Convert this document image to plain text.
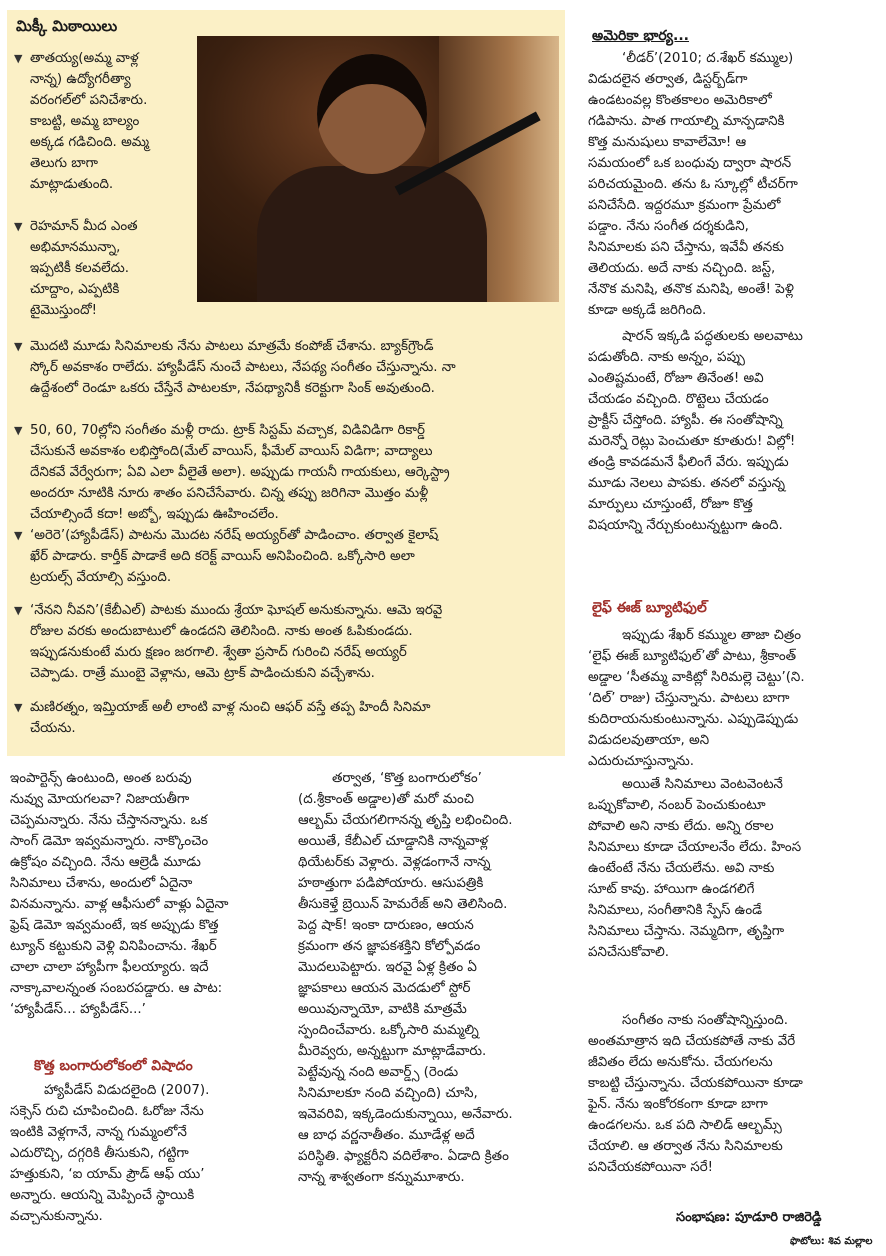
మిక్కీ మిఠాయిలు
▼ తాతయ్య(అమ్మ వాళ్ల
నాన్న) ఉద్యోగరీత్యా
వరంగల్‌లో పనిచేశారు.
కాబట్టి, అమ్మ బాల్యం
అక్కడ గడిచింది. అమ్మ
తెలుగు బాగా
మాట్లాడుతుంది.
▼ రెహమాన్ మీద ఎంత
అభిమానమున్నా,
ఇప్పటికీ కలవలేదు.
చూద్దాం, ఎప్పటికి
టైమొస్తుందో!
▼ మొదటి మూడు సినిమాలకు నేను పాటలు మాత్రమే కంపోజ్ చేశాను. బ్యాక్‌గ్రౌండ్
స్కోర్ అవకాశం రాలేదు. హ్యాపీడేస్ నుంచే పాటలు, నేపథ్య సంగీతం చేస్తున్నాను. నా
ఉద్దేశంలో రెండూ ఒకరు చేస్తేనే పాటలకూ, నేపథ్యానికీ కరెక్టుగా సింక్ అవుతుంది.
▼ 50, 60, 70ల్లోని సంగీతం మళ్లీ రాదు. ట్రాక్ సిస్టమ్ వచ్చాక, విడివిడిగా రికార్డ్
చేసుకునే అవకాశం లభిస్తోంది(మేల్ వాయిస్, ఫీమేల్ వాయిస్ విడిగా; వాద్యాలు
దేనికవే వేర్వేరుగా; ఏవి ఎలా వీలైతే అలా). అప్పుడు గాయనీ గాయకులు, ఆర్కెస్ట్రా
అందరూ నూటికి నూరు శాతం పనిచేసేవారు. చిన్న తప్పు జరిగినా మొత్తం మళ్లీ
చేయాల్సిందే కదా! అబ్బో, ఇప్పుడు ఊహించలేం.
▼ ‘అరెరె’(హ్యాపీడేస్) పాటను మొదట నరేష్ అయ్యర్‌తో పాడించాం. తర్వాత కైలాష్
ఖేర్ పాడారు. కార్తీక్ పాడాకే అది కరెక్ట్ వాయిస్ అనిపించింది. ఒక్కోసారి అలా
ట్రయల్స్ వేయాల్సి వస్తుంది.
▼ ‘నేనని నీవని’(కేబీఎల్) పాటకు ముందు శ్రేయా ఘోషల్ అనుకున్నాను. ఆమె ఇరవై
రోజుల వరకు అందుబాటులో ఉండదని తెలిసింది. నాకు అంత ఓపికుండదు.
ఇప్పుడనుకుంటే మరు క్షణం జరగాలి. శ్వేతా ప్రసాద్ గురించి నరేష్ అయ్యర్
చెప్పాడు. రాత్రే ముంబై వెళ్లాను, ఆమె ట్రాక్ పాడించుకుని వచ్చేశాను.
▼ మణిరత్నం, ఇమ్తియాజ్ అలీ లాంటి వాళ్ల నుంచి ఆఫర్ వస్తే తప్ప హిందీ సినిమా
చేయను.
అమెరికా భార్య...
‘లీడర్’(2010; ద.శేఖర్ కమ్ముల)
విడుదలైన తర్వాత, డిస్టర్బ్‌డ్‌గా
ఉండటంవల్ల కొంతకాలం అమెరికాలో
గడిపాను. పాత గాయాల్ని మాన్పడానికి
కొత్త మనుషులు కావాలేమో! ఆ
సమయంలో ఒక బంధువు ద్వారా షారన్
పరిచయమైంది. తను ఓ స్కూల్లో టీచర్‌గా
పనిచేసేది. ఇద్దరమూ క్రమంగా ప్రేమలో
పడ్డాం. నేను సంగీత దర్శకుడిని,
సినిమాలకు పని చేస్తాను, ఇవేవీ తనకు
తెలియదు. అదే నాకు నచ్చింది. జస్ట్,
నేనొక మనిషి, తనొక మనిషి, అంతే! పెళ్లి
కూడా అక్కడే జరిగింది.
షారన్ ఇక్కడి పద్ధతులకు అలవాటు
పడుతోంది. నాకు అన్నం, పప్పు
ఎంతిష్టమంటే, రోజూ తినేంత! అవి
చేయడం వచ్చింది. రొట్టెలు చేయడం
ప్రాక్టీస్ చేస్తోంది. హ్యాపీ. ఈ సంతోషాన్ని
మరెన్నో రెట్లు పెంచుతూ కూతురు! విల్లో!
తండ్రి కావడమనే ఫీలింగే వేరు. ఇప్పుడు
మూడు నెలలు పాపకు. తనలో వస్తున్న
మార్పులు చూస్తుంటే, రోజూ కొత్త
విషయాన్ని నేర్చుకుంటున్నట్టుగా ఉంది.
లైఫ్ ఈజ్ బ్యూటిఫుల్
ఇప్పుడు శేఖర్ కమ్ముల తాజా చిత్రం
‘లైఫ్ ఈజ్ బ్యూటిఫుల్’తో పాటు, శ్రీకాంత్
అడ్డాల ‘సీతమ్మ వాకిట్లో సిరిమల్లె చెట్టు’(ని.
‘దిల్’ రాజు) చేస్తున్నాను. పాటలు బాగా
కుదిరాయనుకుంటున్నాను. ఎప్పుడెప్పుడు
విడుదలవుతాయా, అని
ఎదురుచూస్తున్నాను.
అయితే సినిమాలు వెంటవెంటనే
ఒప్పుకోవాలి, నంబర్ పెంచుకుంటూ
పోవాలి అని నాకు లేదు. అన్ని రకాల
సినిమాలు కూడా చేయాలనేం లేదు. హింస
ఉంటేంటే నేను చేయలేను. అవి నాకు
సూట్ కావు. హాయిగా ఉండగలిగే
సినిమాలు, సంగీతానికి స్పేస్ ఉండే
సినిమాలు చేస్తాను. నెమ్మదిగా, తృప్తిగా
పనిచేసుకోవాలి.
సంగీతం నాకు సంతోషాన్నిస్తుంది.
అంతమాత్రాన ఇది చేయకపోతే నాకు వేరే
జీవితం లేదు అనుకోను. చేయగలను
కాబట్టి చేస్తున్నాను. చేయకపోయినా కూడా
ఫైన్. నేను ఇంకోరకంగా కూడా బాగా
ఉండగలను. ఒక పది సాలిడ్ ఆల్బమ్స్
చేయాలి. ఆ తర్వాత నేను సినిమాలకు
పనిచేయకపోయినా సరే!
సంభాషణ: పూడూరి రాజిరెడ్డి
ఫొటోలు: శివ మల్లాల
ఇంపార్టెన్స్ ఉంటుంది, అంత బరువు
నువ్వు మోయగలవా? నిజాయతీగా
చెప్పమన్నారు. నేను చేస్తానన్నాను. ఒక
సాంగ్ డెమో ఇవ్వమన్నారు. నాక్కొంచెం
ఉక్రోషం వచ్చింది. నేను ఆల్రెడీ మూడు
సినిమాలు చేశాను, అందులో ఏదైనా
వినమన్నాను. వాళ్ల ఆఫీసులో వాళ్లు ఏదైనా
ఫ్రెష్ డెమో ఇవ్వమంటే, ఇక అప్పుడు కొత్త
ట్యూన్ కట్టుకుని వెళ్లి వినిపించాను. శేఖర్
చాలా చాలా హ్యాపీగా ఫీలయ్యారు. ఇదే
నాక్కావాలన్నంత సంబరపడ్డారు. ఆ పాట:
‘హ్యాపీడేస్... హ్యాపీడేస్...’
కొత్త బంగారులోకంలో విషాదం
హ్యాపీడేస్ విడుదలైంది (2007).
సక్సెస్ రుచి చూపించింది. ఓరోజు నేను
ఇంటికి వెళ్లగానే, నాన్న గుమ్మంలోనే
ఎదురొచ్చి, దగ్గరికి తీసుకుని, గట్టిగా
హత్తుకుని, ‘ఐ యామ్ ప్రౌడ్ ఆఫ్ యు’
అన్నారు. ఆయన్ని మెప్పించే స్థాయికి
వచ్చానుకున్నాను.
తర్వాత, ‘కొత్త బంగారులోకం’
(ద.శ్రీకాంత్ అడ్డాల)తో మరో మంచి
ఆల్బమ్ చేయగలిగానన్న తృప్తి లభించింది.
అయితే, కేబీఎల్ చూడ్డానికి నాన్నవాళ్ల
థియేటర్‌కు వెళ్లారు. వెళ్లడంగానే నాన్న
హఠాత్తుగా పడిపోయారు. ఆసుపత్రికి
తీసుకెళ్తే బ్రెయిన్ హెమరేజ్ అని తెలిసింది.
పెద్ద షాక్! ఇంకా దారుణం, ఆయన
క్రమంగా తన జ్ఞాపకశక్తిని కోల్పోవడం
మొదలుపెట్టారు. ఇరవై ఏళ్ల క్రితం ఏ
జ్ఞాపకాలు ఆయన మెదడులో స్టోర్
అయివున్నాయో, వాటికి మాత్రమే
స్పందించేవారు. ఒక్కోసారి మమ్మల్ని
మీరెవ్వరు, అన్నట్టుగా మాట్లాడేవారు.
పెట్టేవున్న నంది అవార్డ్స్ (రెండు
సినిమాలకూ నంది వచ్చింది) చూసి,
ఇవెవరివి, ఇక్కడెందుకున్నాయి, అనేవారు.
ఆ బాధ వర్ణనాతీతం. మూడేళ్ల అదే
పరిస్థితి. ఫ్యాక్టరీని వదిలేశాం. ఏడాది క్రితం
నాన్న శాశ్వతంగా కన్నుమూశారు.
